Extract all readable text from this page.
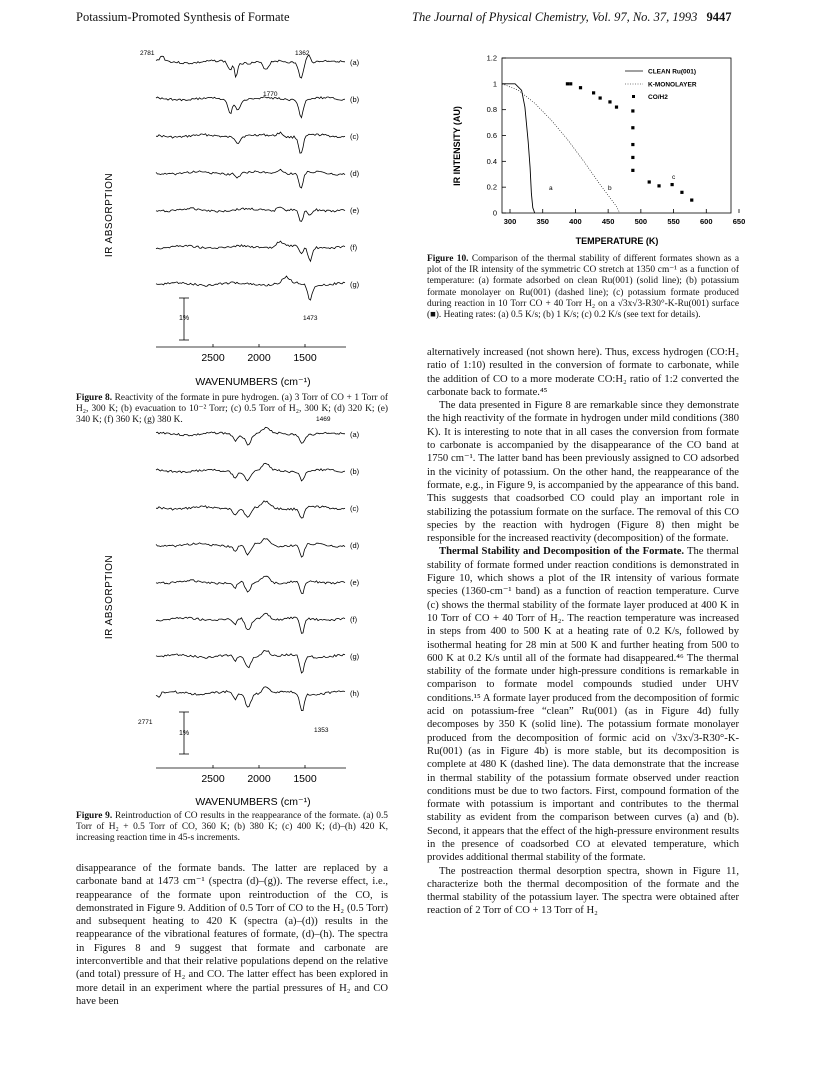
Potassium-Promoted Synthesis of Formate	The Journal of Physical Chemistry, Vol. 97, No. 37, 1993 9447
(a)
(b)
(c)
(d)
(e)
(f)
(g)
2781	1362
1770
1473
1%
IR ABSORPTION
2500 2000 1500
WAVENUMBERS (cm⁻¹)
Figure 8. Reactivity of the formate in pure hydrogen. (a) 3 Torr of CO + 1 Torr of H₂, 300 K; (b) evacuation to 10⁻² Torr; (c) 0.5 Torr of H₂, 300 K; (d) 320 K; (e) 340 K; (f) 360 K; (g) 380 K.
(a)
(b)
(c)
(d)
(e)
(f)
(g)
(h)
1469
2771
1353
1%
IR ABSORPTION
2500 2000 1500
WAVENUMBERS (cm⁻¹)
Figure 9. Reintroduction of CO results in the reappearance of the formate. (a) 0.5 Torr of H₂ + 0.5 Torr of CO, 360 K; (b) 380 K; (c) 400 K; (d)–(h) 420 K, increasing reaction time in 45-s increments.

disappearance of the formate bands. The latter are replaced by a carbonate band at 1473 cm⁻¹ (spectra (d)–(g)). The reverse effect, i.e., reappearance of the formate upon reintroduction of the CO, is demonstrated in Figure 9. Addition of 0.5 Torr of CO to the H₂ (0.5 Torr) and subsequent heating to 420 K (spectra (a)–(d)) results in the reappearance of the vibrational features of formate, (d)–(h). The spectra in Figures 8 and 9 suggest that formate and carbonate are interconvertible and that their relative populations depend on the relative (and total) pressure of H₂ and CO. The latter effect has been explored in more detail in an experiment where the partial pressures of H₂ and CO have been

IR INTENSITY (AU)
0
0.2
0.4
0.6
0.8
1
1.2
300	350	400	450	500	550	600	650
CLEAN Ru(001)
K-MONOLAYER
CO/H2
a	b
c
TEMPERATURE (K)
Figure 10. Comparison of the thermal stability of different formates shown as a plot of the IR intensity of the symmetric CO stretch at 1350 cm⁻¹ as a function of temperature: (a) formate adsorbed on clean Ru(001) (solid line); (b) potassium formate monolayer on Ru(001) (dashed line); (c) potassium formate produced during reaction in 10 Torr CO + 40 Torr H₂ on a √3x√3-R30°-K-Ru(001) surface (■). Heating rates: (a) 0.5 K/s; (b) 1 K/s; (c) 0.2 K/s (see text for details).

alternatively increased (not shown here). Thus, excess hydrogen (CO:H₂ ratio of 1:10) resulted in the conversion of formate to carbonate, while the addition of CO to a more moderate CO:H₂ ratio of 1:2 converted the carbonate back to formate.⁴⁵

The data presented in Figure 8 are remarkable since they demonstrate the high reactivity of the formate in hydrogen under mild conditions (380 K). It is interesting to note that in all cases the conversion from formate to carbonate is accompanied by the disappearance of the CO band at 1750 cm⁻¹. The latter band has been previously assigned to CO adsorbed in the vicinity of potassium. On the other hand, the reappearance of the formate, e.g., in Figure 9, is accompanied by the appearance of this band. This suggests that coadsorbed CO could play an important role in stabilizing the potassium formate on the surface. The removal of this CO species by the reaction with hydrogen (Figure 8) then might be responsible for the increased reactivity (decomposition) of the formate.

Thermal Stability and Decomposition of the Formate. The thermal stability of formate formed under reaction conditions is demonstrated in Figure 10, which shows a plot of the IR intensity of various formate species (1360-cm⁻¹ band) as a function of reaction temperature. Curve (c) shows the thermal stability of the formate layer produced at 400 K in 10 Torr of CO + 40 Torr of H₂. The reaction temperature was increased in steps from 400 to 500 K at a heating rate of 0.2 K/s, followed by isothermal heating for 28 min at 500 K and further heating from 500 to 600 K at 0.2 K/s until all of the formate had disappeared.⁴⁶ The thermal stability of the formate under high-pressure conditions is remarkable in comparison to formate model compounds studied under UHV conditions.¹⁵ A formate layer produced from the decomposition of formic acid on potassium-free “clean” Ru(001) (as in Figure 4d) fully decomposes by 350 K (solid line). The potassium formate monolayer produced from the decomposition of formic acid on √3x√3-R30°-K-Ru(001) (as in Figure 4b) is more stable, but its decomposition is complete at 480 K (dashed line). The data demonstrate that the increase in thermal stability of the potassium formate observed under reaction conditions must be due to two factors. First, compound formation of the formate with potassium is important and contributes to the thermal stability as evident from the comparison between curves (a) and (b). Second, it appears that the effect of the high-pressure environment results in the presence of coadsorbed CO at elevated temperature, which provides additional thermal stability of the formate.

The postreaction thermal desorption spectra, shown in Figure 11, characterize both the thermal decomposition of the formate and the thermal stability of the potassium layer. The spectra were obtained after reaction of 2 Torr of CO + 13 Torr of H₂
